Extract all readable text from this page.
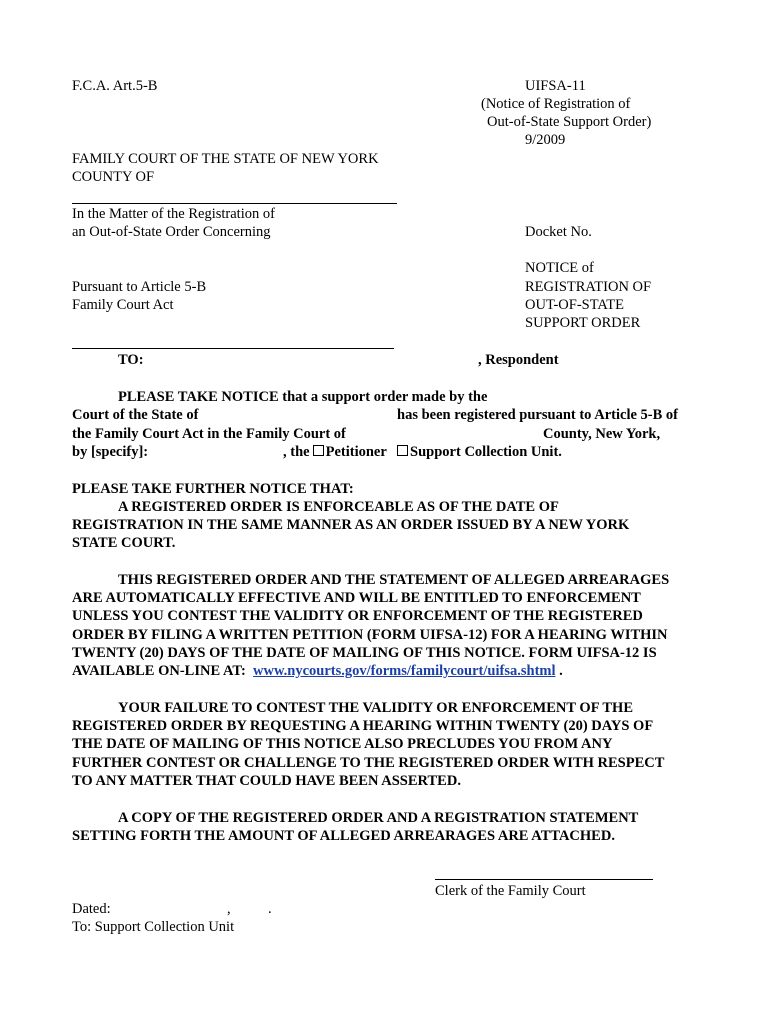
F.C.A. Art.5-B	UIFSA-11
(Notice of Registration of
Out-of-State Support Order)
9/2009
FAMILY COURT OF THE STATE OF NEW YORK
COUNTY OF
In the Matter of the Registration of
an Out-of-State Order Concerning	Docket No.
NOTICE of
Pursuant to Article 5-B	REGISTRATION OF
Family Court Act	OUT-OF-STATE
SUPPORT ORDER
TO:	, Respondent
PLEASE TAKE NOTICE that a support order made by the
Court of the State of	has been registered pursuant to Article 5-B of
the Family Court Act in the Family Court of	County, New York,
by [specify]:	, the Petitioner Support Collection Unit.
PLEASE TAKE FURTHER NOTICE THAT:
A REGISTERED ORDER IS ENFORCEABLE AS OF THE DATE OF
REGISTRATION IN THE SAME MANNER AS AN ORDER ISSUED BY A NEW YORK
STATE COURT.
THIS REGISTERED ORDER AND THE STATEMENT OF ALLEGED ARREARAGES
ARE AUTOMATICALLY EFFECTIVE AND WILL BE ENTITLED TO ENFORCEMENT
UNLESS YOU CONTEST THE VALIDITY OR ENFORCEMENT OF THE REGISTERED
ORDER BY FILING A WRITTEN PETITION (FORM UIFSA-12) FOR A HEARING WITHIN
TWENTY (20) DAYS OF THE DATE OF MAILING OF THIS NOTICE. FORM UIFSA-12 IS
AVAILABLE ON-LINE AT: www.nycourts.gov/forms/familycourt/uifsa.shtml .
YOUR FAILURE TO CONTEST THE VALIDITY OR ENFORCEMENT OF THE
REGISTERED ORDER BY REQUESTING A HEARING WITHIN TWENTY (20) DAYS OF
THE DATE OF MAILING OF THIS NOTICE ALSO PRECLUDES YOU FROM ANY
FURTHER CONTEST OR CHALLENGE TO THE REGISTERED ORDER WITH RESPECT
TO ANY MATTER THAT COULD HAVE BEEN ASSERTED.
A COPY OF THE REGISTERED ORDER AND A REGISTRATION STATEMENT
SETTING FORTH THE AMOUNT OF ALLEGED ARREARAGES ARE ATTACHED.
Clerk of the Family Court
Dated:	,	.
To: Support Collection Unit
